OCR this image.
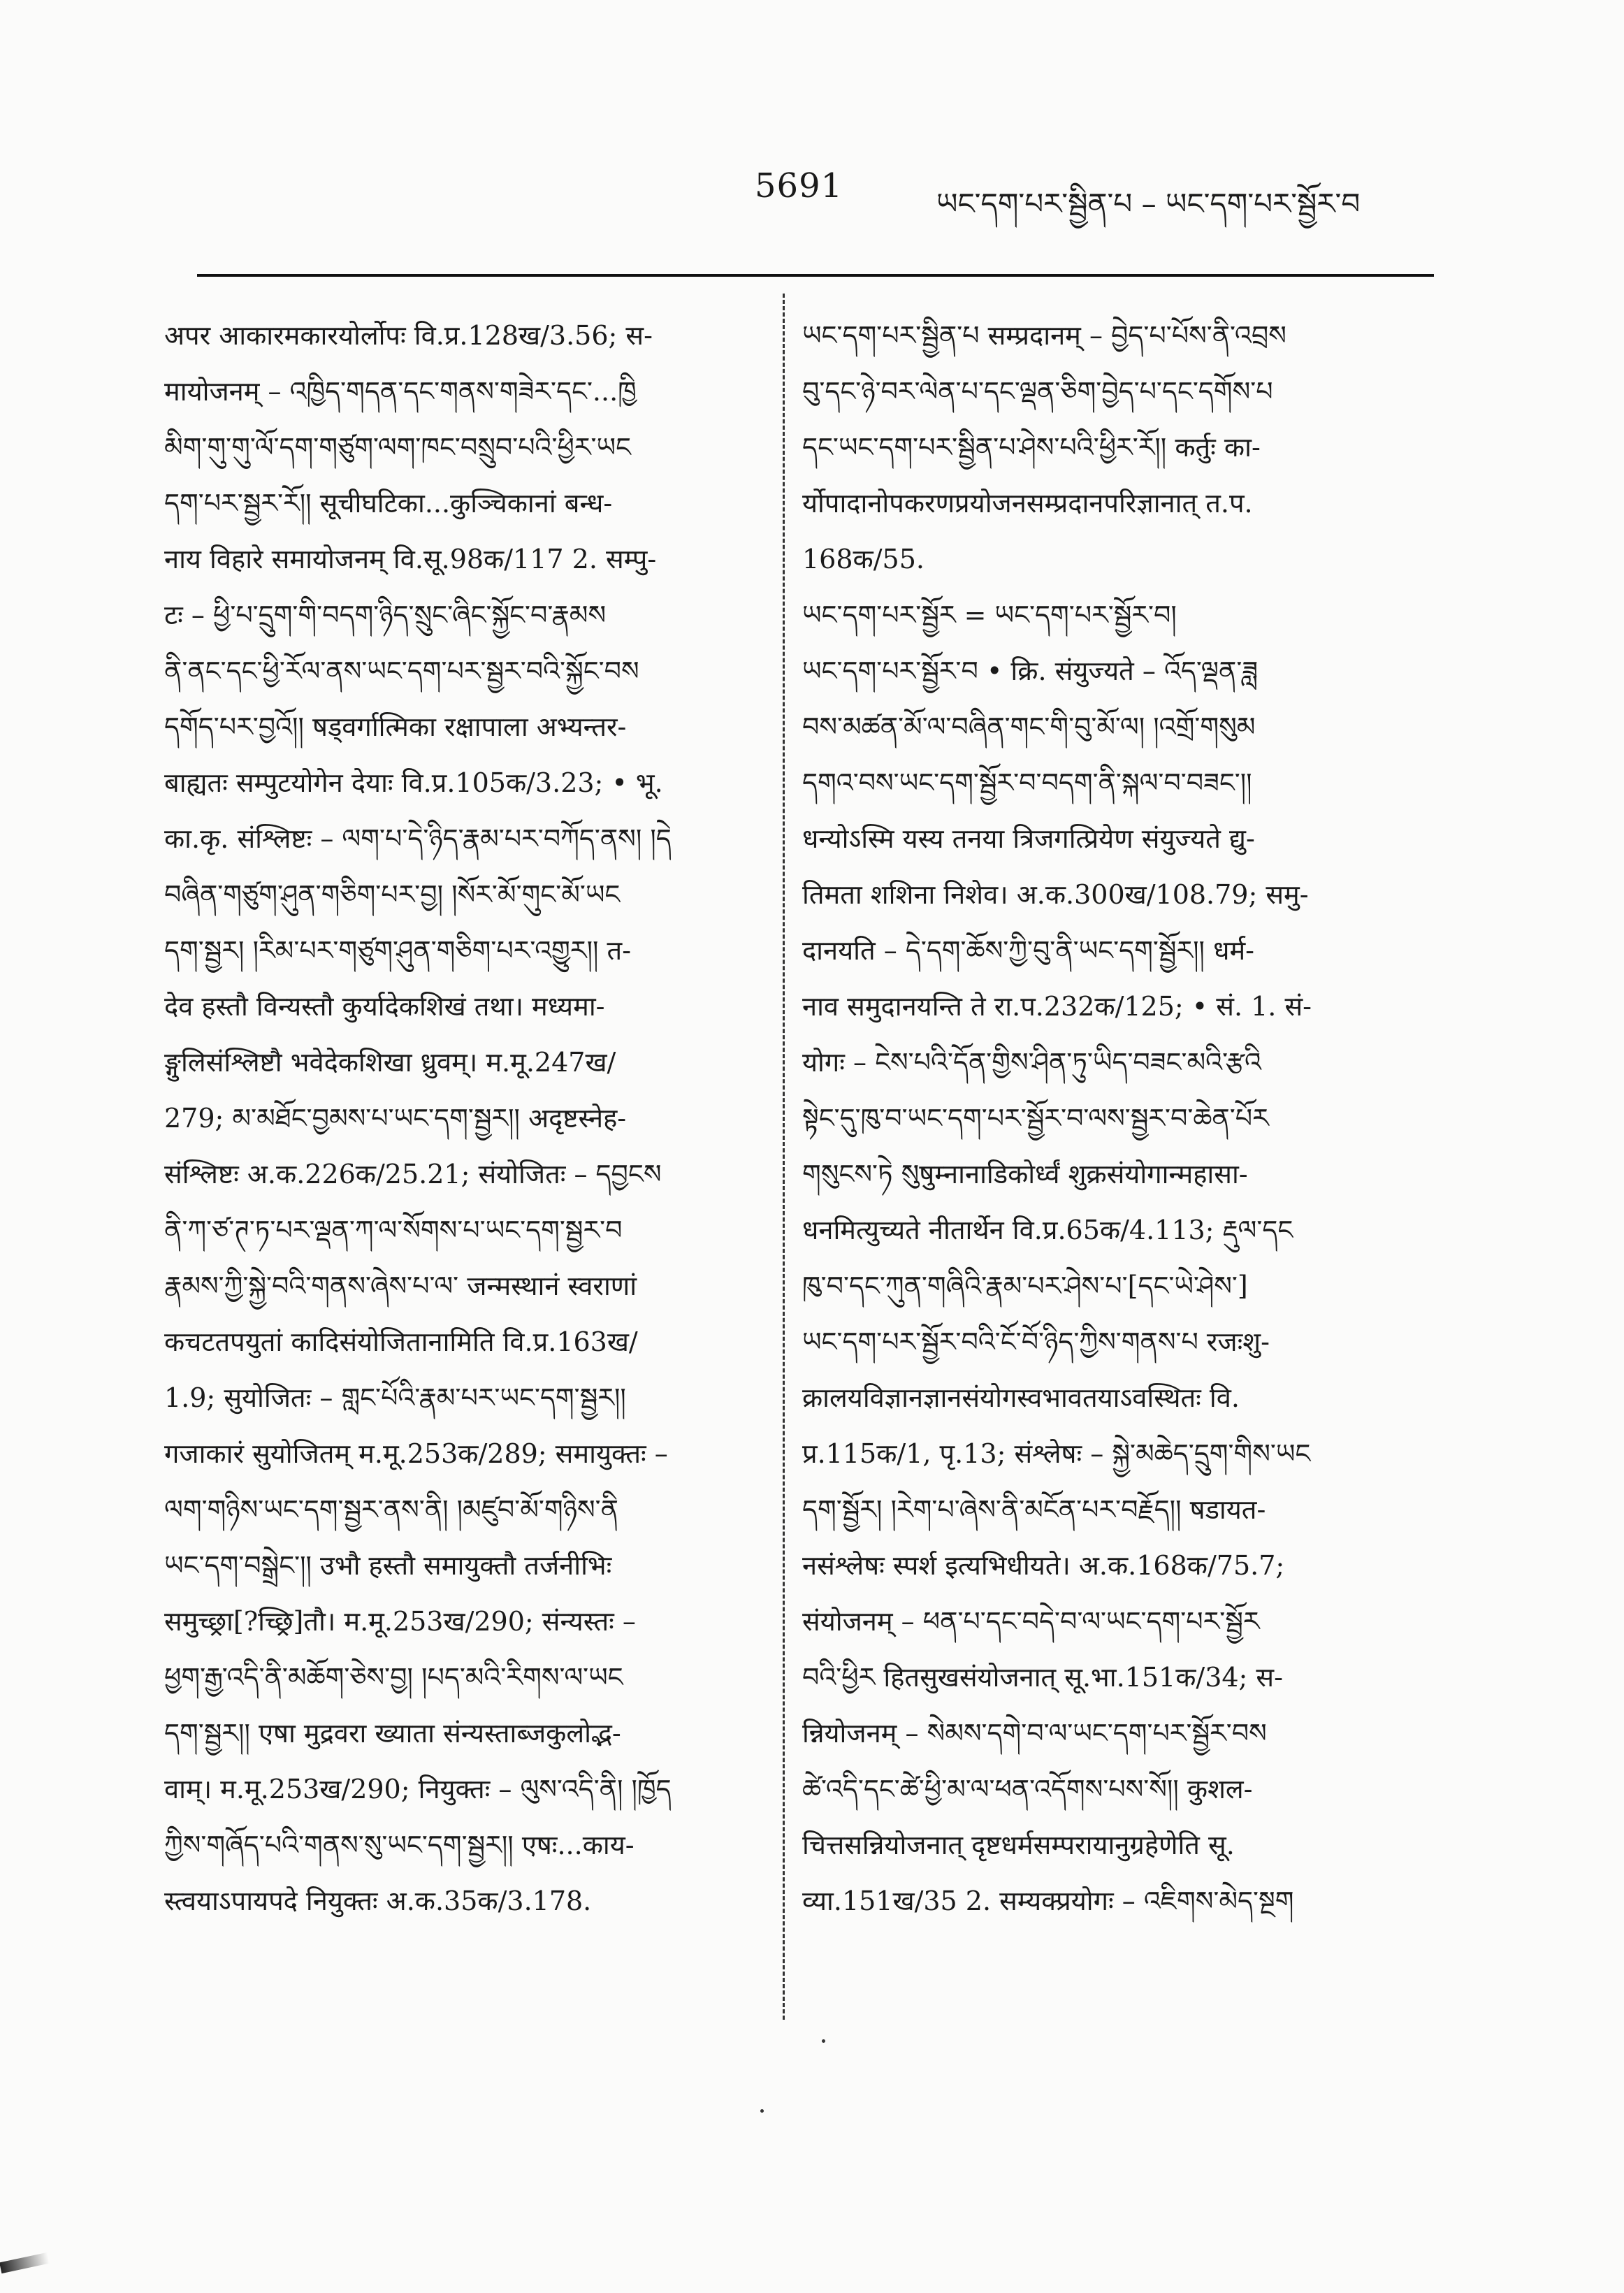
5691	ཡང་དག་པར་སྦྱིན་པ – ཡང་དག་པར་སྦྱོར་བ
अपर आकारमकारयोर्लोपः वि.प्र.128ख/3.56; स-
मायोजनम् – འཁྱིད་གདན་དང་གནས་གཟེར་དང་...ཁྱི
མིག་གུ་གུ་ལོ་དག་གཙུག་ལག་ཁང་བསྲུབ་པའི་ཕྱིར་ཡང
དག་པར་སྦྱར་རོ།། सूचीघटिका...कुञ्चिकानां बन्ध-
नाय विहारे समायोजनम् वि.सू.98क/117 2. सम्पु-
टः – ཕྱི་པ་དྲུག་གི་བདག་ཉིད་སྲུང་ཞིང་སྐྱོང་བ་རྣམས
ནི་ནང་དང་ཕྱི་རོལ་ནས་ཡང་དག་པར་སྦྱར་བའི་སྐྱོང་བས
དགོད་པར་བྱའོ།། षड्वर्गात्मिका रक्षापाला अभ्यन्तर-
बाह्यतः सम्पुटयोगेन देयाः वि.प्र.105क/3.23; • भू.
का.कृ. संश्लिष्टः – ལག་པ་དེ་ཉིད་རྣམ་པར་བཀོད་ནས། །དེ
བཞིན་གཙུག་ཤུན་གཅིག་པར་བྱ། །སོར་མོ་གུང་མོ་ཡང
དག་སྦྱར། །རིམ་པར་གཙུག་ཤུན་གཅིག་པར་འགྱུར།། त-
देव हस्तौ विन्यस्तौ कुर्यादेकशिखं तथा। मध्यमा-
ङ्गुलिसंश्लिष्टौ भवेदेकशिखा ध्रुवम्। म.मू.247ख/
279; མ་མཐོང་བྱམས་པ་ཡང་དག་སྦྱར།། अदृष्टस्नेह-
संश्लिष्टः अ.क.226क/25.21; संयोजितः – དབྱངས
ནི་ཀ་ཙ་ཊ་ཏ་པར་ལྡན་ཀ་ལ་སོགས་པ་ཡང་དག་སྦྱར་བ
རྣམས་ཀྱི་སྐྱེ་བའི་གནས་ཞེས་པ་ལ་ जन्मस्थानं स्वराणां
कचटतपयुतां कादिसंयोजितानामिति वि.प्र.163ख/
1.9; सुयोजितः – གླང་པོའི་རྣམ་པར་ཡང་དག་སྦྱར།།
गजाकारं सुयोजितम् म.मू.253क/289; समायुक्तः –
ལག་གཉིས་ཡང་དག་སྦྱར་ནས་ནི། །མཛུབ་མོ་གཉིས་ནི
ཡང་དག་བསྒྲེང་།། उभौ हस्तौ समायुक्तौ तर्जनीभिः
समुच्छ्रा[?च्छ्रि]तौ। म.मू.253ख/290; संन्यस्तः –
ཕྱག་རྒྱ་འདི་ནི་མཆོག་ཅེས་བྱ། །པད་མའི་རིགས་ལ་ཡང
དག་སྦྱར།། एषा मुद्रवरा ख्याता संन्यस्ताब्जकुलोद्भ-
वाम्। म.मू.253ख/290; नियुक्तः – ལུས་འདི་ནི། །ཁྱོད
ཀྱིས་གཞོད་པའི་གནས་སུ་ཡང་དག་སྦྱར།། एषः...काय-
स्त्वयाऽपायपदे नियुक्तः अ.क.35क/3.178.
ཡང་དག་པར་སྦྱིན་པ सम्प्रदानम् – བྱེད་པ་པོས་ནི་འབྲས
བུ་དང་ཉེ་བར་ལེན་པ་དང་ལྡན་ཅིག་བྱེད་པ་དང་དགོས་པ
དང་ཡང་དག་པར་སྦྱིན་པ་ཤེས་པའི་ཕྱིར་རོ།། कर्तुः का-
र्योपादानोपकरणप्रयोजनसम्प्रदानपरिज्ञानात् त.प.
168क/55.
ཡང་དག་པར་སྦྱོར = ཡང་དག་པར་སྦྱོར་བ།
ཡང་དག་པར་སྦྱོར་བ • क्रि. संयुज्यते – འོད་ལྡན་ཟླ
བས་མཚན་མོ་ལ་བཞིན་གང་གི་བུ་མོ་ལ། །འགྲོ་གསུམ
དགའ་བས་ཡང་དག་སྦྱོར་བ་བདག་ནི་སྐལ་བ་བཟང་།།
धन्योऽस्मि यस्य तनया त्रिजगत्प्रियेण संयुज्यते द्यु-
तिमता शशिना निशेव। अ.क.300ख/108.79; समु-
दानयति – དེ་དག་ཆོས་ཀྱི་བུ་ནི་ཡང་དག་སྦྱོར།། धर्म-
नाव समुदानयन्ति ते रा.प.232क/125; • सं. 1. सं-
योगः – ངེས་པའི་དོན་གྱིས་ཤིན་ཏུ་ཡིད་བཟང་མའི་རྩའི
སྟེང་དུ་ཁུ་བ་ཡང་དག་པར་སྦྱོར་བ་ལས་སྦྱར་བ་ཆེན་པོར
གསུངས་ཏེ སུषुम्नानाडिकोर्ध्वं शुक्रसंयोगान्महासा-
धनमित्युच्यते नीतार्थेन वि.प्र.65क/4.113; རྡུལ་དང
ཁུ་བ་དང་ཀུན་གཞིའི་རྣམ་པར་ཤེས་པ་[དང་ཡེ་ཤེས་]
ཡང་དག་པར་སྦྱོར་བའི་ངོ་བོ་ཉིད་ཀྱིས་གནས་པ रजःशु-
क्रालयविज्ञानज्ञानसंयोगस्वभावतयाऽवस्थितः वि.
प्र.115क/1, पृ.13; संश्लेषः – སྐྱེ་མཆེད་དྲུག་གིས་ཡང
དག་སྦྱོར། །རེག་པ་ཞེས་ནི་མངོན་པར་བརྗོད།། षडायत-
नसंश्लेषः स्पर्श इत्यभिधीयते। अ.क.168क/75.7;
संयोजनम् – ཕན་པ་དང་བདེ་བ་ལ་ཡང་དག་པར་སྦྱོར
བའི་ཕྱིར हितसुखसंयोजनात् सू.भा.151क/34; स-
न्नियोजनम् – སེམས་དགེ་བ་ལ་ཡང་དག་པར་སྦྱོར་བས
ཚེ་འདི་དང་ཚེ་ཕྱི་མ་ལ་ཕན་འདོགས་པས་སོ།། कुशल-
चित्तसन्नियोजनात् दृष्टधर्मसम्परायानुग्रहेणेति सू.
व्या.151ख/35 2. सम्यक्प्रयोगः – འཇིགས་མེད་སྔག
